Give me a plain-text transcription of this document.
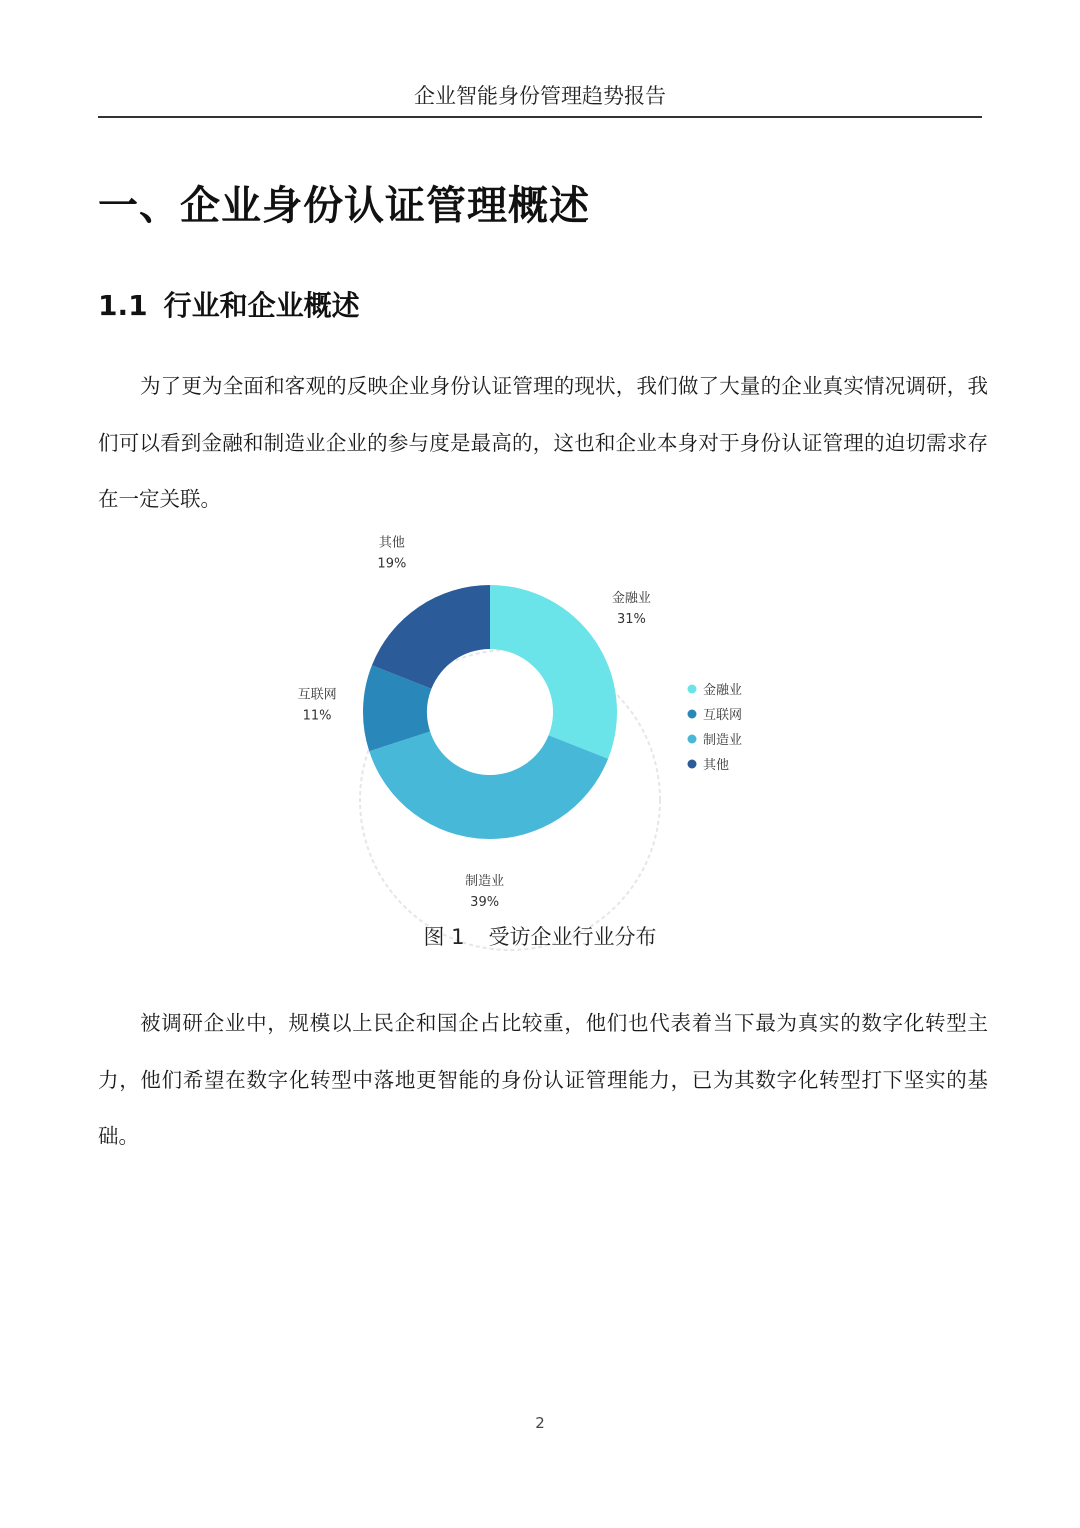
企业智能身份管理趋势报告
一、企业身份认证管理概述
1.1 行业和企业概述

为了更为全面和客观的反映企业身份认证管理的现状，我们做了大量的企业真实情况调研，我们可以看到金融和制造业企业的参与度是最高的，这也和企业本身对于身份认证管理的迫切需求存在一定关联。

金融业
31%
制造业
39%
互联网
11%
其他
19%
金融业
互联网
制造业
其他
图 1 受访企业行业分布

被调研企业中，规模以上民企和国企占比较重，他们也代表着当下最为真实的数字化转型主力，他们希望在数字化转型中落地更智能的身份认证管理能力，已为其数字化转型打下坚实的基础。

2
